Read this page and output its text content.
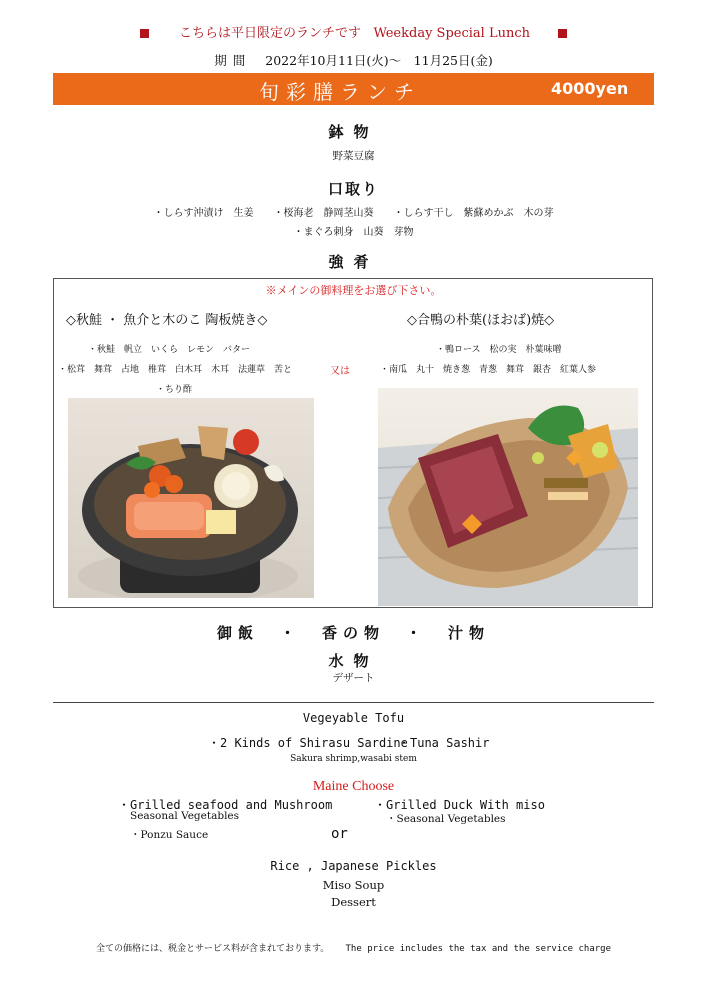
こちらは平日限定のランチです Weekday Special Lunch
期間 2022年10月11日(火)〜　11月25日(金)
旬彩膳ランチ	4000yen
鉢物
野菜豆腐
口取り
・しらす沖漬け　生姜　　・桜海老　静岡茎山葵　　・しらす干し　紫蘇めかぶ　木の芽
・まぐろ刺身　山葵　芽物
強肴
※メインの御料理をお選び下さい。
◇秋鮭 ・ 魚介と木のこ 陶板焼き◇	◇合鴨の朴葉(ほおば)焼◇
・秋鮭　帆立　いくら　レモン　バター
・松茸　舞茸　占地　椎茸　白木耳　木耳　法蓮草　苦と
・ちり酢
又は
・鴨ロース　松の実　朴葉味噌
・南瓜　丸十　焼き葱　青葱　舞茸　銀杏　紅葉人参
御飯　・　香の物　・　汁物
水物
デザート
Vegeyable Tofu
・2 Kinds of Shirasu Sardine
・Tuna Sashir
Sakura shrimp,wasabi stem
Maine Choose
・Grilled seafood and Mushroom
Seasonal Vegetables
・Ponzu Sauce	or
・Grilled Duck With miso
・Seasonal Vegetables
Rice , Japanese Pickles
Miso Soup
Dessert
全ての価格には、税金とサービス料が含まれております。 The price includes the tax and the service charge
